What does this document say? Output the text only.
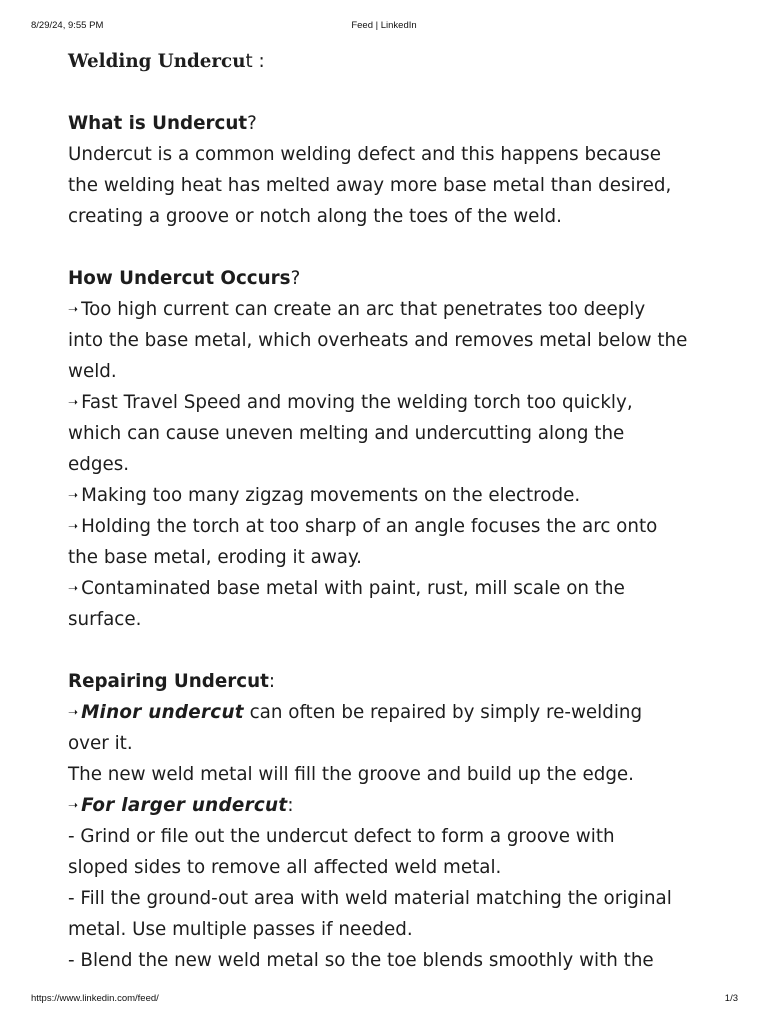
8/29/24, 9:55 PM	Feed | LinkedIn

Welding Undercut :

What is Undercut?

Undercut is a common welding defect and this happens because

the welding heat has melted away more base metal than desired,

creating a groove or notch along the toes of the weld.

How Undercut Occurs?

➝ Too high current can create an arc that penetrates too deeply

into the base metal, which overheats and removes metal below the

weld.

➝ Fast Travel Speed and moving the welding torch too quickly,

which can cause uneven melting and undercutting along the

edges.

➝ Making too many zigzag movements on the electrode.

➝ Holding the torch at too sharp of an angle focuses the arc onto

the base metal, eroding it away.

➝ Contaminated base metal with paint, rust, mill scale on the

surface.

Repairing Undercut:

➝ Minor undercut can often be repaired by simply re-welding

over it.

The new weld metal will fill the groove and build up the edge.

➝ For larger undercut:

- Grind or file out the undercut defect to form a groove with

sloped sides to remove all affected weld metal.

- Fill the ground-out area with weld material matching the original

metal. Use multiple passes if needed.

- Blend the new weld metal so the toe blends smoothly with the

https://www.linkedin.com/feed/	1/3
